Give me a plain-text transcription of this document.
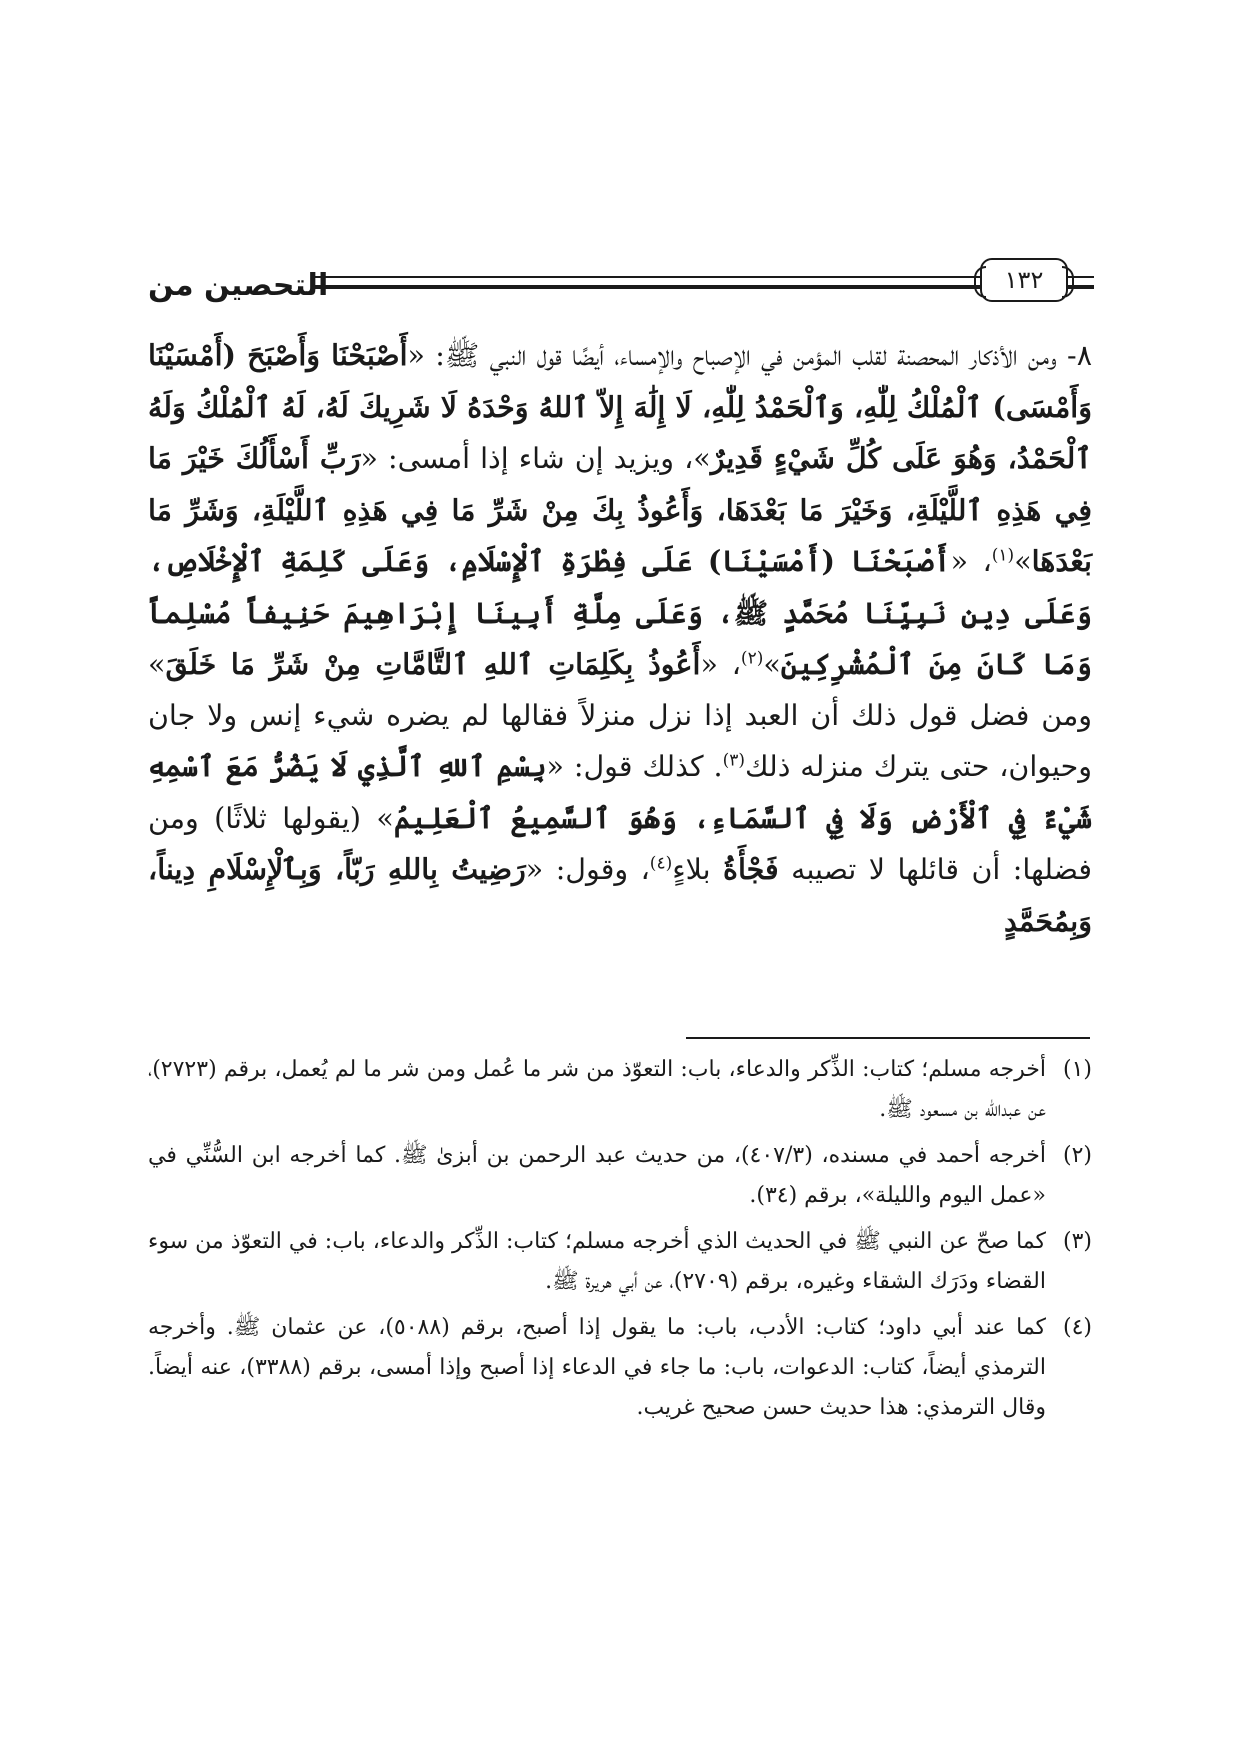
التحصين من	١٣٢

٨- ومن الأذكار المحصنة لقلب المؤمن في الإصباح والإمساء، أيضًا قول النبي ﷺ: «أَصْبَحْنَا وَأَصْبَحَ (أَمْسَيْنَا وَأَمْسَى) ٱلْمُلْكُ لِلّٰهِ، وَٱلْحَمْدُ لِلّٰهِ، لَا إِلَٰهَ إِلاّ ٱللهُ وَحْدَهُ لَا شَرِيكَ لَهُ، لَهُ ٱلْمُلْكُ وَلَهُ ٱلْحَمْدُ، وَهُوَ عَلَى كُلِّ شَيْءٍ قَدِيرٌ»، ويزيد إن شاء إذا أمسى: «رَبِّ أَسْأَلُكَ خَيْرَ مَا فِي هَذِهِ ٱللَّيْلَةِ، وَخَيْرَ مَا بَعْدَهَا، وَأَعُوذُ بِكَ مِنْ شَرِّ مَا فِي هَذِهِ ٱللَّيْلَةِ، وَشَرِّ مَا بَعْدَهَا»$^{(١)}$، «أَصْبَحْنَا (أَمْسَيْنَا) عَلَى فِطْرَةِ ٱلْإِسْلَامِ، وَعَلَى كَلِمَةِ ٱلْإِخْلَاصِ، وَعَلَى دِينِ نَبِيِّنَا مُحَمَّدٍ ﷺ، وَعَلَى مِلَّةِ أَبِينَا إِبْرَاهِيمَ حَنِيفاً مُسْلِماً وَمَا كَانَ مِنَ ٱلْمُشْرِكِينَ»$^{(٢)}$، «أَعُوذُ بِكَلِمَاتِ ٱللهِ ٱلتَّامَّاتِ مِنْ شَرِّ مَا خَلَقَ» ومن فضل قول ذلك أن العبد إذا نزل منزلاً فقالها لم يضره شيء إنس ولا جان وحيوان، حتى يترك منزله ذلك$^{(٣)}$. كذلك قول: «بِسْمِ ٱللهِ ٱلَّذِي لَا يَضُرُّ مَعَ ٱسْمِهِ شَيْءٌ فِي ٱلْأَرْضِ وَلَا فِي ٱلسَّمَاءِ، وَهُوَ ٱلسَّمِيعُ ٱلْعَلِيمُ» (يقولها ثلاثًا) ومن فضلها: أن قائلها لا تصيبه فَجْأَةُ بلاءٍ$^{(٤)}$، وقول: «رَضِيتُ بِاللهِ رَبّاً، وَبِٱلْإِسْلَامِ دِيناً، وَبِمُحَمَّدٍ

(١)
أخرجه مسلم؛ كتاب: الذِّكر والدعاء، باب: التعوّذ من شر ما عُمل ومن شر ما لم يُعمل، برقم (٢٧٢٣)، عن عبدالله بن مسعود ﷺ.
(٢)
أخرجه أحمد في مسنده، (٤٠٧/٣)، من حديث عبد الرحمن بن أبزىٰ ﷺ. كما أخرجه ابن السُّنِّي في «عمل اليوم والليلة»، برقم (٣٤).
(٣)
كما صحّ عن النبي ﷺ في الحديث الذي أخرجه مسلم؛ كتاب: الذِّكر والدعاء، باب: في التعوّذ من سوء القضاء ودَرَك الشقاء وغيره، برقم (٢٧٠٩)، عن أبي هريرة ﷺ.
(٤)
كما عند أبي داود؛ كتاب: الأدب، باب: ما يقول إذا أصبح، برقم (٥٠٨٨)، عن عثمان ﷺ. وأخرجه الترمذي أيضاً، كتاب: الدعوات، باب: ما جاء في الدعاء إذا أصبح وإذا أمسى، برقم (٣٣٨٨)، عنه أيضاً. وقال الترمذي: هذا حديث حسن صحيح غريب.
